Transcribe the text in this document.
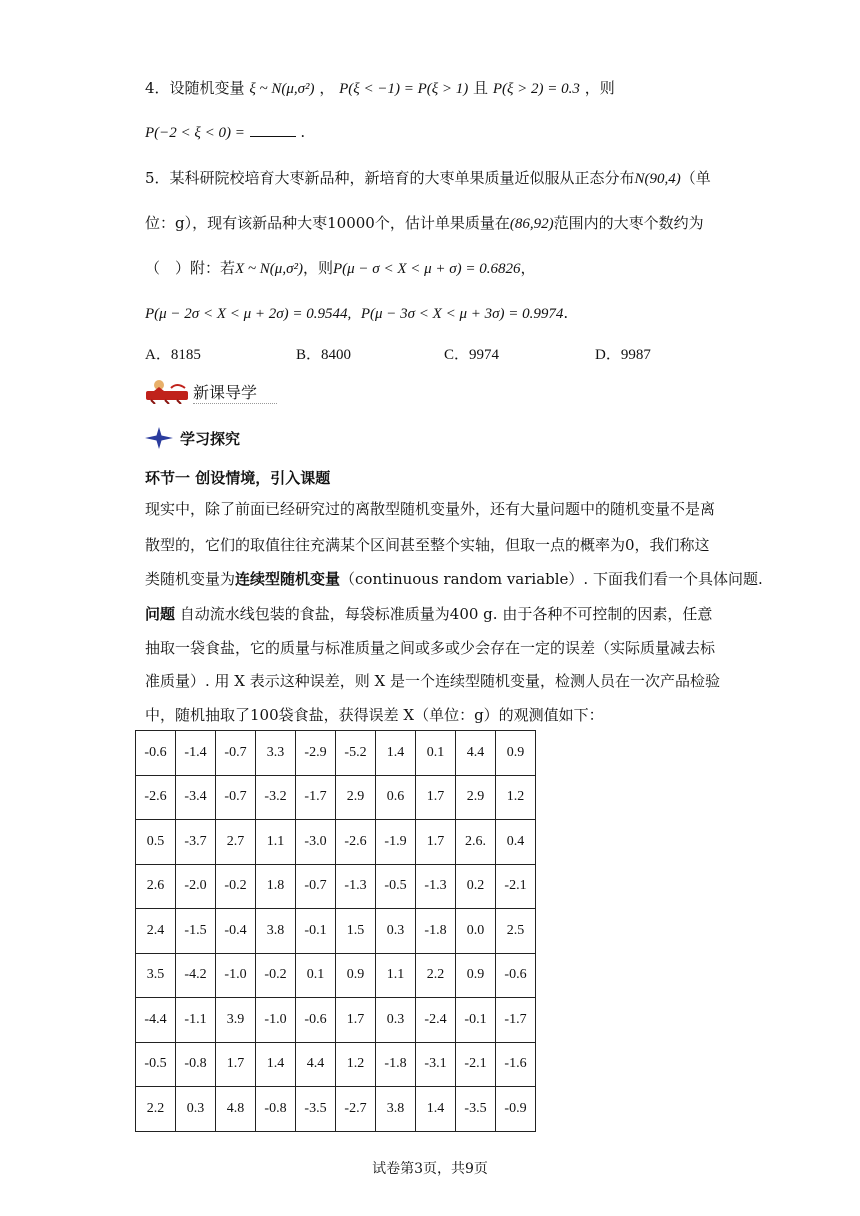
4．设随机变量 ξ ~ N(μ,σ²) ， P(ξ < −1) = P(ξ > 1) 且 P(ξ > 2) = 0.3 ，则
P(−2 < ξ < 0) =	.
5．某科研院校培育大枣新品种，新培育的大枣单果质量近似服从正态分布N(90,4)（单
位：g），现有该新品种大枣10000个，估计单果质量在(86,92)范围内的大枣个数约为
（　）附：若X ~ N(μ,σ²)，则P(μ − σ < X < μ + σ) = 0.6826，
P(μ − 2σ < X < μ + 2σ) = 0.9544, P(μ − 3σ < X < μ + 3σ) = 0.9974.
A．8185	B．8400	C．9974	D．9987
新课导学
学习探究
环节一 创设情境，引入课题
现实中，除了前面已经研究过的离散型随机变量外，还有大量问题中的随机变量不是离
散型的，它们的取值往往充满某个区间甚至整个实轴，但取一点的概率为0，我们称这
类随机变量为连续型随机变量（continuous random variable）. 下面我们看一个具体问题.
问题 自动流水线包装的食盐，每袋标准质量为400 g. 由于各种不可控制的因素，任意
抽取一袋食盐，它的质量与标准质量之间或多或少会存在一定的误差（实际质量减去标
准质量）. 用 X 表示这种误差，则 X 是一个连续型随机变量，检测人员在一次产品检验
中，随机抽取了100袋食盐，获得误差 X（单位：g）的观测值如下：
-0.6	-1.4	-0.7	3.3	-2.9	-5.2	1.4	0.1	4.4	0.9
-2.6	-3.4	-0.7	-3.2	-1.7	2.9	0.6	1.7	2.9	1.2
0.5	-3.7	2.7	1.1	-3.0	-2.6	-1.9	1.7	2.6.	0.4
2.6	-2.0	-0.2	1.8	-0.7	-1.3	-0.5	-1.3	0.2	-2.1
2.4	-1.5	-0.4	3.8	-0.1	1.5	0.3	-1.8	0.0	2.5
3.5	-4.2	-1.0	-0.2	0.1	0.9	1.1	2.2	0.9	-0.6
-4.4	-1.1	3.9	-1.0	-0.6	1.7	0.3	-2.4	-0.1	-1.7
-0.5	-0.8	1.7	1.4	4.4	1.2	-1.8	-3.1	-2.1	-1.6
2.2	0.3	4.8	-0.8	-3.5	-2.7	3.8	1.4	-3.5	-0.9
试卷第3页，共9页
